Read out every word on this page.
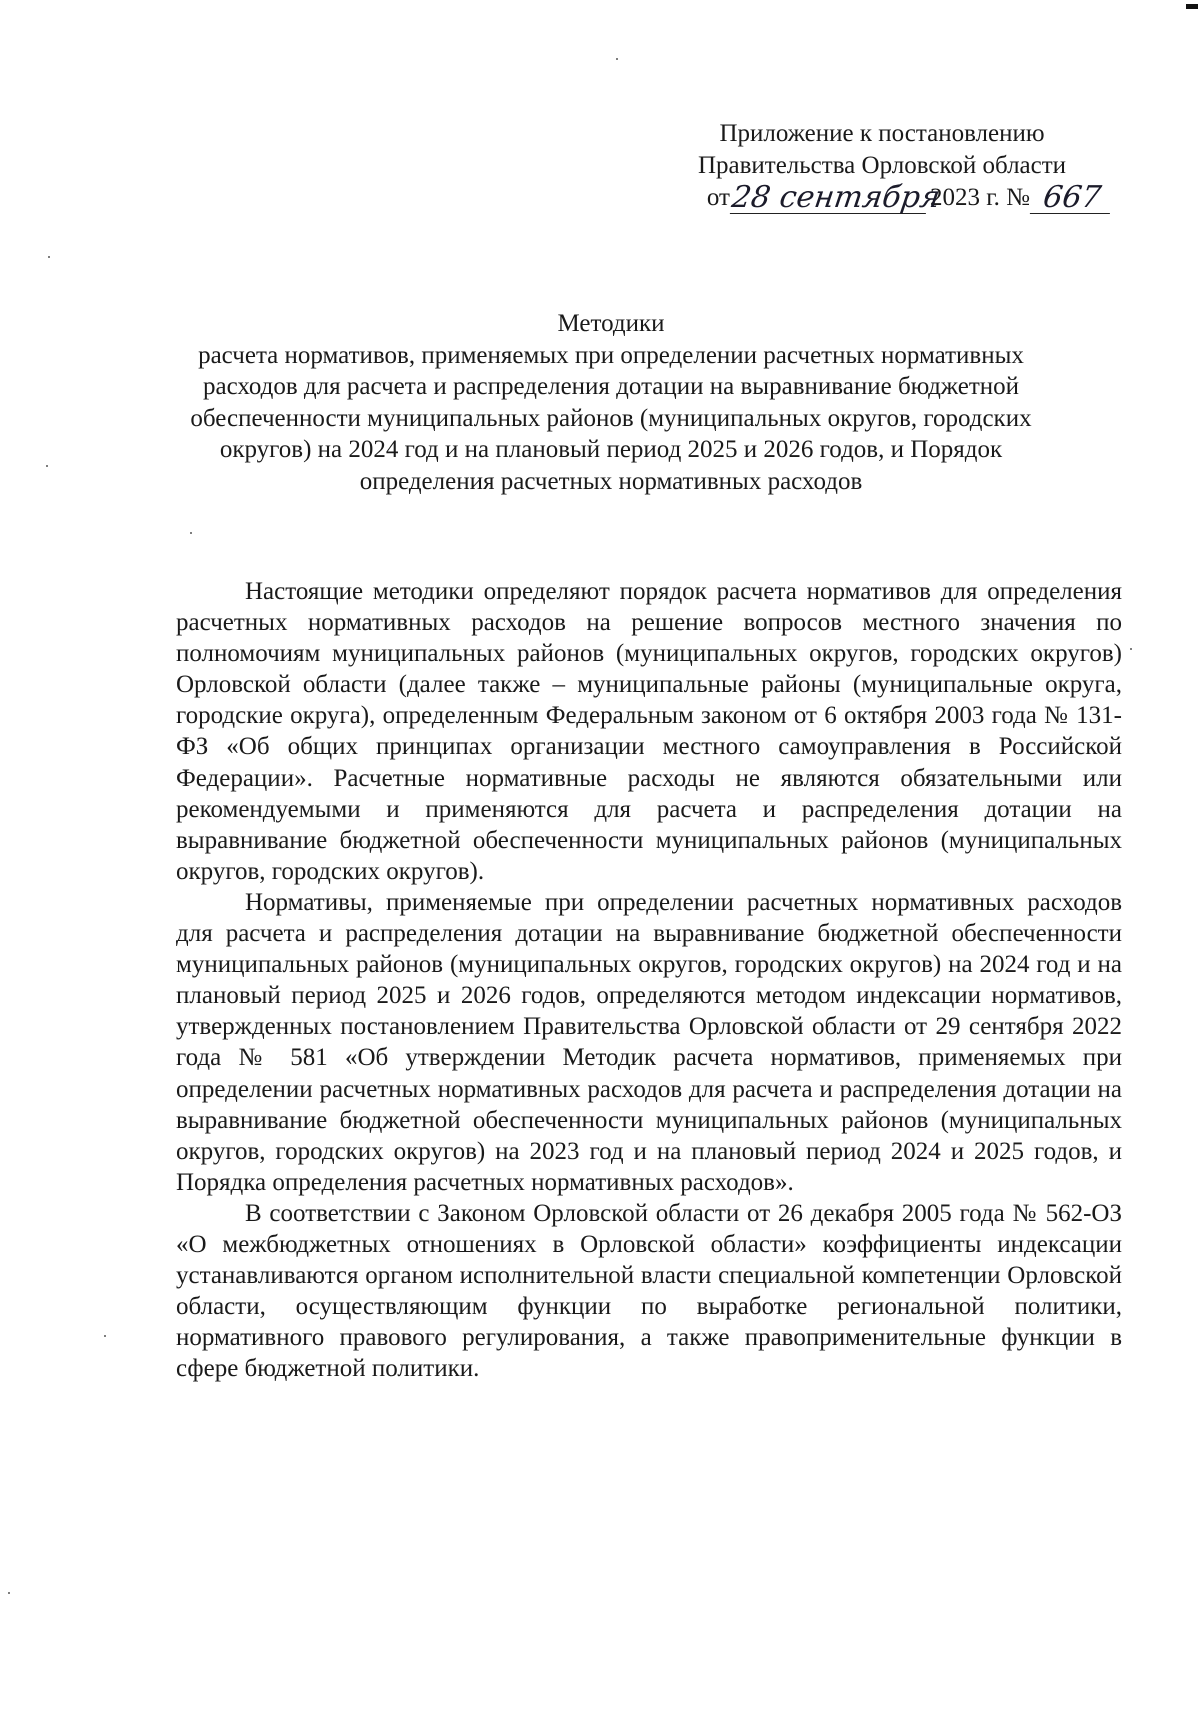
Приложение к постановлению
Правительства Орловской области
от 28 сентября
2023 г. № 667
Методики
расчета нормативов, применяемых при определении расчетных нормативных расходов для расчета и распределения дотации на выравнивание бюджетной обеспеченности муниципальных районов (муниципальных округов, городских округов) на 2024 год и на плановый период 2025 и 2026 годов, и Порядок определения расчетных нормативных расходов

Настоящие методики определяют порядок расчета нормативов для определения расчетных нормативных расходов на решение вопросов местного значения по полномочиям муниципальных районов (муниципальных округов, городских округов) Орловской области (далее также – муниципальные районы (муниципальные округа, городские округа), определенным Федеральным законом от 6 октября 2003 года № 131-ФЗ «Об общих принципах организации местного самоуправления в Российской Федерации». Расчетные нормативные расходы не являются обязательными или рекомендуемыми и применяются для расчета и распределения дотации на выравнивание бюджетной обеспеченности муниципальных районов (муниципальных округов, городских округов).

Нормативы, применяемые при определении расчетных нормативных расходов для расчета и распределения дотации на выравнивание бюджетной обеспеченности муниципальных районов (муниципальных округов, городских округов) на 2024 год и на плановый период 2025 и 2026 годов, определяются методом индексации нормативов, утвержденных постановлением Правительства Орловской области от 29 сентября 2022 года № 581 «Об утверждении Методик расчета нормативов, применяемых при определении расчетных нормативных расходов для расчета и распределения дотации на выравнивание бюджетной обеспеченности муниципальных районов (муниципальных округов, городских округов) на 2023 год и на плановый период 2024 и 2025 годов, и Порядка определения расчетных нормативных расходов».

В соответствии с Законом Орловской области от 26 декабря 2005 года № 562-ОЗ «О межбюджетных отношениях в Орловской области» коэффициенты индексации устанавливаются органом исполнительной власти специальной компетенции Орловской области, осуществляющим функции по выработке региональной политики, нормативного правового регулирования, а также правоприменительные функции в сфере бюджетной политики.
